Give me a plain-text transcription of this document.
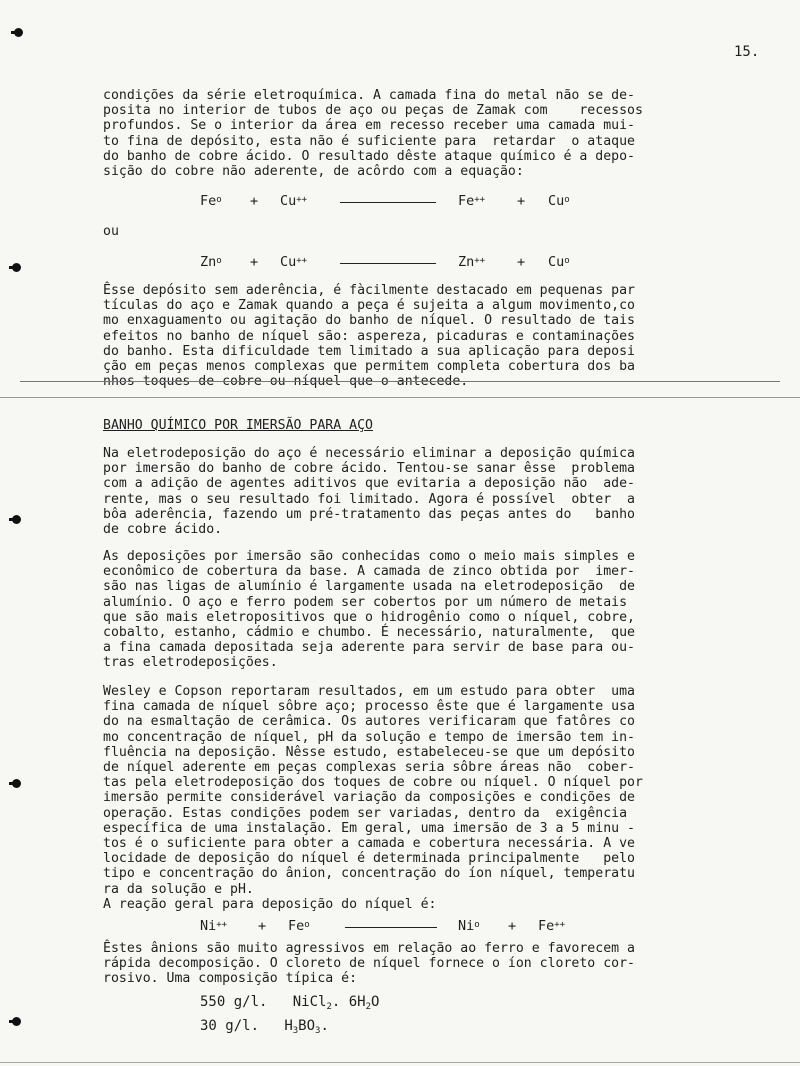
15.

condições da série eletroquímica. A camada fina do metal não se de-

posita no interior de tubos de aço ou peças de Zamak com    recessos

profundos. Se o interior da área em recesso receber uma camada mui-

to fina de depósito, esta não é suficiente para  retardar  o ataque

do banho de cobre ácido. O resultado dêste ataque químico é a depo-

sição do cobre não aderente, de acôrdo com a equação:

$Fe^o + Cu^{++}$	$Fe^{++} + Cu^o$
ou
$Zn^o + Cu^{++}$	$Zn^{++} + Cu^o$

Êsse depósito sem aderência, é fàcilmente destacado em pequenas par

tículas do aço e Zamak quando a peça é sujeita a algum movimento,co

mo enxaguamento ou agitação do banho de níquel. O resultado de tais

efeitos no banho de níquel são: aspereza, picaduras e contaminações

do banho. Esta dificuldade tem limitado a sua aplicação para deposi

ção em peças menos complexas que permitem completa cobertura dos ba

nhos toques de cobre ou níquel que o antecede.

BANHO QUÍMICO POR IMERSÃO PARA AÇO

Na eletrodeposição do aço é necessário eliminar a deposição química

por imersão do banho de cobre ácido. Tentou-se sanar êsse  problema

com a adição de agentes aditivos que evitaria a deposição não  ade-

rente, mas o seu resultado foi limitado. Agora é possível  obter  a

bôa aderência, fazendo um pré-tratamento das peças antes do   banho

de cobre ácido.

As deposições por imersão são conhecidas como o meio mais simples e

econômico de cobertura da base. A camada de zinco obtida por  imer-

são nas ligas de alumínio é largamente usada na eletrodeposição  de

alumínio. O aço e ferro podem ser cobertos por um número de metais

que são mais eletropositivos que o hidrogênio como o níquel, cobre,

cobalto, estanho, cádmio e chumbo. É necessário, naturalmente,  que

a fina camada depositada seja aderente para servir de base para ou-

tras eletrodeposições.

Wesley e Copson reportaram resultados, em um estudo para obter  uma

fina camada de níquel sôbre aço; processo êste que é largamente usa

do na esmaltação de cerâmica. Os autores verificaram que fatôres co

mo concentração de níquel, pH da solução e tempo de imersão tem in-

fluência na deposição. Nêsse estudo, estabeleceu-se que um depósito

de níquel aderente em peças complexas seria sôbre áreas não  cober-

tas pela eletrodeposição dos toques de cobre ou níquel. O níquel por

imersão permite considerável variação da composições e condições de

operação. Estas condições podem ser variadas, dentro da  exigência

específica de uma instalação. Em geral, uma imersão de 3 a 5 minu -

tos é o suficiente para obter a camada e cobertura necessária. A ve

locidade de deposição do níquel é determinada principalmente   pelo

tipo e concentração do ânion, concentração do íon níquel, temperatu

ra da solução e pH.

A reação geral para deposição do níquel é:

$Ni^{++} + Fe^o$	$Ni^o + Fe^{++}$

Êstes ânions são muito agressivos em relação ao ferro e favorecem a

rápida decomposição. O cloreto de níquel fornece o íon cloreto cor-

rosivo. Uma composição típica é:

550 g/l. NiCl$_2$. $6H_2O$
30 g/l. $H_3BO_3$.
